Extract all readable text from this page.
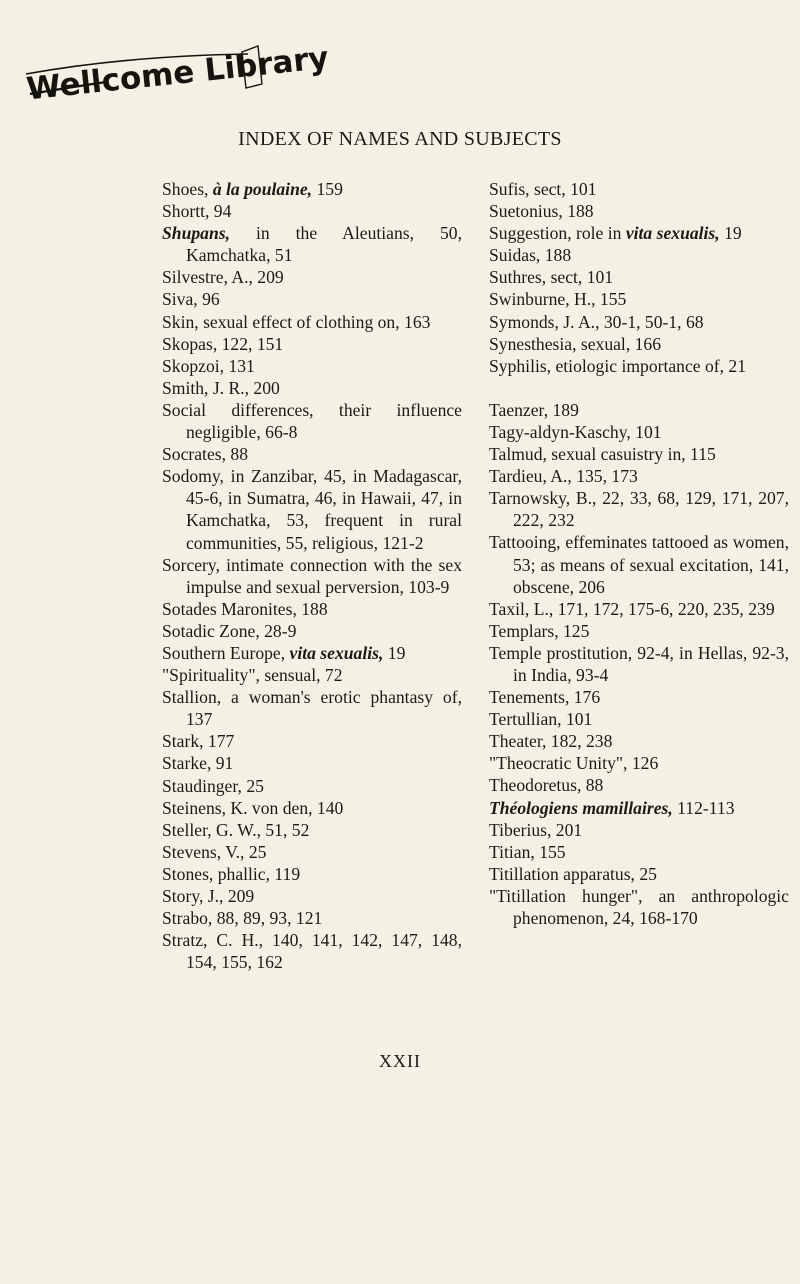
Wellcome Library
INDEX OF NAMES AND SUBJECTS
Shoes, à la poulaine, 159
Shortt, 94
Shupans, in the Aleutians, 50, Kamchatka, 51
Silvestre, A., 209
Siva, 96
Skin, sexual effect of clothing on, 163
Skopas, 122, 151
Skopzoi, 131
Smith, J. R., 200
Social differences, their influence negligible, 66-8
Socrates, 88
Sodomy, in Zanzibar, 45, in Madagascar, 45-6, in Sumatra, 46, in Hawaii, 47, in Kamchatka, 53, frequent in rural communities, 55, religious, 121-2
Sorcery, intimate connection with the sex impulse and sexual perversion, 103-9
Sotades Maronites, 188
Sotadic Zone, 28-9
Southern Europe, vita sexualis, 19
"Spirituality", sensual, 72
Stallion, a woman's erotic phantasy of, 137
Stark, 177
Starke, 91
Staudinger, 25
Steinens, K. von den, 140
Steller, G. W., 51, 52
Stevens, V., 25
Stones, phallic, 119
Story, J., 209
Strabo, 88, 89, 93, 121
Stratz, C. H., 140, 141, 142, 147, 148, 154, 155, 162
Sufis, sect, 101
Suetonius, 188
Suggestion, role in vita sexualis, 19
Suidas, 188
Suthres, sect, 101
Swinburne, H., 155
Symonds, J. A., 30-1, 50-1, 68
Synesthesia, sexual, 166
Syphilis, etiologic importance of, 21
Taenzer, 189
Tagy-aldyn-Kaschy, 101
Talmud, sexual casuistry in, 115
Tardieu, A., 135, 173
Tarnowsky, B., 22, 33, 68, 129, 171, 207, 222, 232
Tattooing, effeminates tattooed as women, 53; as means of sexual excitation, 141, obscene, 206
Taxil, L., 171, 172, 175-6, 220, 235, 239
Templars, 125
Temple prostitution, 92-4, in Hellas, 92-3, in India, 93-4
Tenements, 176
Tertullian, 101
Theater, 182, 238
"Theocratic Unity", 126
Theodoretus, 88
Théologiens mamillaires, 112-113
Tiberius, 201
Titian, 155
Titillation apparatus, 25
"Titillation hunger", an anthropologic phenomenon, 24, 168-170
XXII
